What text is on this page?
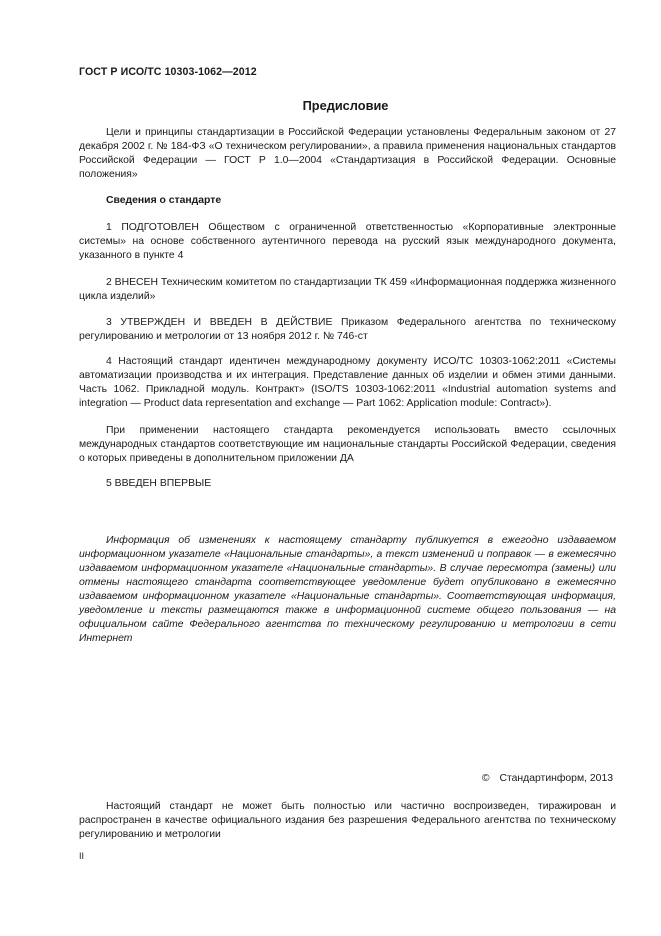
ГОСТ Р ИСО/ТС 10303-1062—2012
Предисловие

Цели и принципы стандартизации в Российской Федерации установлены Федеральным законом от 27 декабря 2002 г. № 184-ФЗ «О техническом регулировании», а правила применения национальных стандартов Российской Федерации — ГОСТ Р 1.0—2004 «Стандартизация в Российской Федерации. Основные положения»

Сведения о стандарте

1 ПОДГОТОВЛЕН Обществом с ограниченной ответственностью «Корпоративные электронные системы» на основе собственного аутентичного перевода на русский язык международного документа, указанного в пункте 4

2 ВНЕСЕН Техническим комитетом по стандартизации ТК 459 «Информационная поддержка жизненного цикла изделий»

3 УТВЕРЖДЕН И ВВЕДЕН В ДЕЙСТВИЕ Приказом Федерального агентства по техническому регулированию и метрологии от 13 ноября 2012 г. № 746-ст

4 Настоящий стандарт идентичен международному документу ИСО/ТС 10303-1062:2011 «Системы автоматизации производства и их интеграция. Представление данных об изделии и обмен этими данными. Часть 1062. Прикладной модуль. Контракт» (ISO/TS 10303-1062:2011 «Industrial automation systems and integration — Product data representation and exchange — Part 1062: Application module: Contract»).

При применении настоящего стандарта рекомендуется использовать вместо ссылочных международных стандартов соответствующие им национальные стандарты Российской Федерации, сведения о которых приведены в дополнительном приложении ДА

5 ВВЕДЕН ВПЕРВЫЕ

Информация об изменениях к настоящему стандарту публикуется в ежегодно издаваемом информационном указателе «Национальные стандарты», а текст изменений и поправок — в ежемесячно издаваемом информационном указателе «Национальные стандарты». В случае пересмотра (замены) или отмены настоящего стандарта соответствующее уведомление будет опубликовано в ежемесячно издаваемом информационном указателе «Национальные стандарты». Соответствующая информация, уведомление и тексты размещаются также в информационной системе общего пользования — на официальном сайте Федерального агентства по техническому регулированию и метрологии в сети Интернет

© Стандартинформ, 2013

Настоящий стандарт не может быть полностью или частично воспроизведен, тиражирован и распространен в качестве официального издания без разрешения Федерального агентства по техническому регулированию и метрологии

II
